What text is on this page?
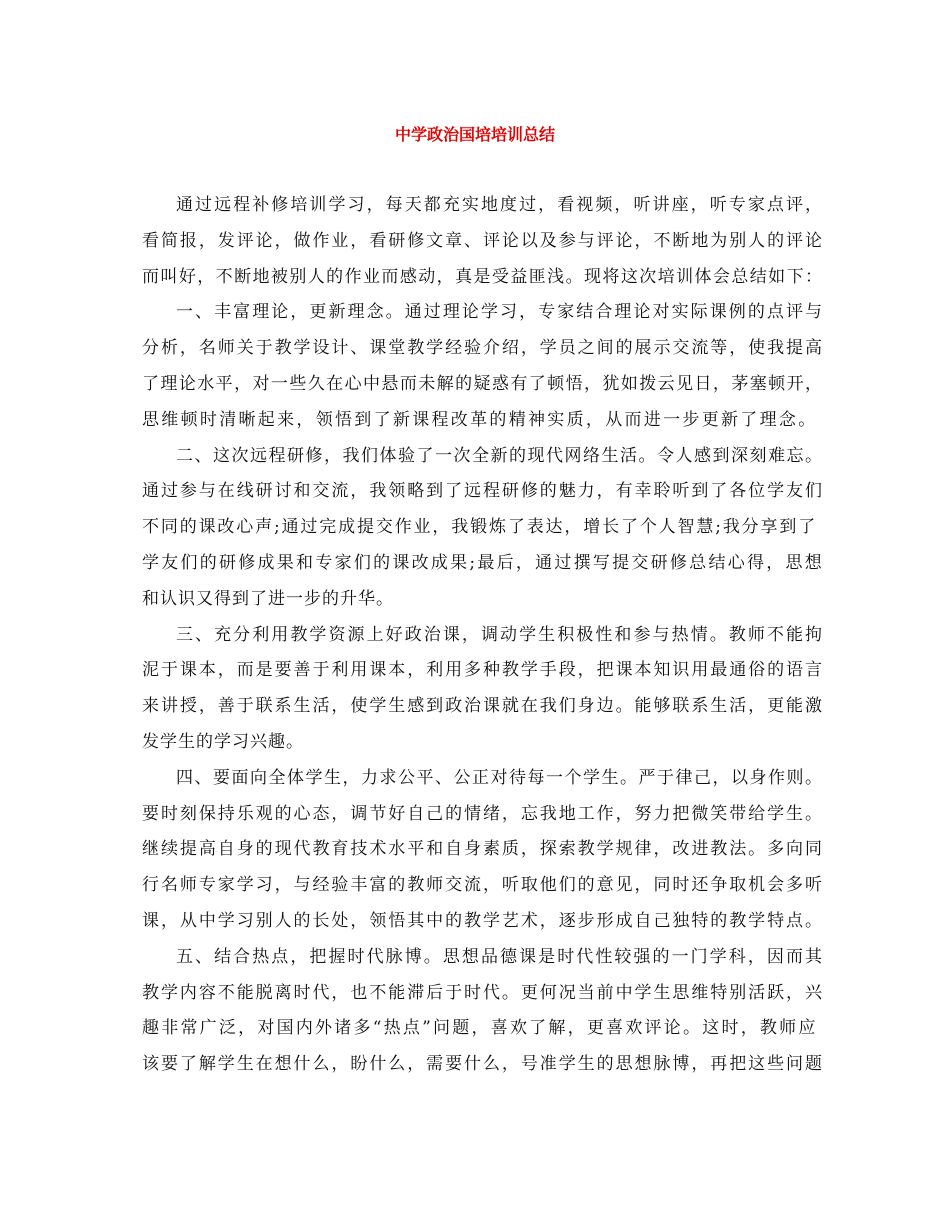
中学政治国培培训总结
通过远程补修培训学习，每天都充实地度过，看视频，听讲座，听专家点评，
看简报，发评论，做作业，看研修文章、评论以及参与评论，不断地为别人的评论
而叫好，不断地被别人的作业而感动，真是受益匪浅。现将这次培训体会总结如下：
一、丰富理论，更新理念。通过理论学习，专家结合理论对实际课例的点评与
分析，名师关于教学设计、课堂教学经验介绍，学员之间的展示交流等，使我提高
了理论水平，对一些久在心中悬而未解的疑惑有了顿悟，犹如拨云见日，茅塞顿开，
思维顿时清晰起来，领悟到了新课程改革的精神实质，从而进一步更新了理念。
二、这次远程研修，我们体验了一次全新的现代网络生活。令人感到深刻难忘。
通过参与在线研讨和交流，我领略到了远程研修的魅力，有幸聆听到了各位学友们
不同的课改心声;通过完成提交作业，我锻炼了表达，增长了个人智慧;我分享到了
学友们的研修成果和专家们的课改成果;最后，通过撰写提交研修总结心得，思想
和认识又得到了进一步的升华。
三、充分利用教学资源上好政治课，调动学生积极性和参与热情。教师不能拘
泥于课本，而是要善于利用课本，利用多种教学手段，把课本知识用最通俗的语言
来讲授，善于联系生活，使学生感到政治课就在我们身边。能够联系生活，更能激
发学生的学习兴趣。
四、要面向全体学生，力求公平、公正对待每一个学生。严于律己，以身作则。
要时刻保持乐观的心态，调节好自己的情绪，忘我地工作，努力把微笑带给学生。
继续提高自身的现代教育技术水平和自身素质，探索教学规律，改进教法。多向同
行名师专家学习，与经验丰富的教师交流，听取他们的意见，同时还争取机会多听
课，从中学习别人的长处，领悟其中的教学艺术，逐步形成自己独特的教学特点。
五、结合热点，把握时代脉博。思想品德课是时代性较强的一门学科，因而其
教学内容不能脱离时代，也不能滞后于时代。更何况当前中学生思维特别活跃，兴
趣非常广泛，对国内外诸多“热点”问题，喜欢了解，更喜欢评论。这时，教师应
该要了解学生在想什么，盼什么，需要什么，号准学生的思想脉博，再把这些问题
